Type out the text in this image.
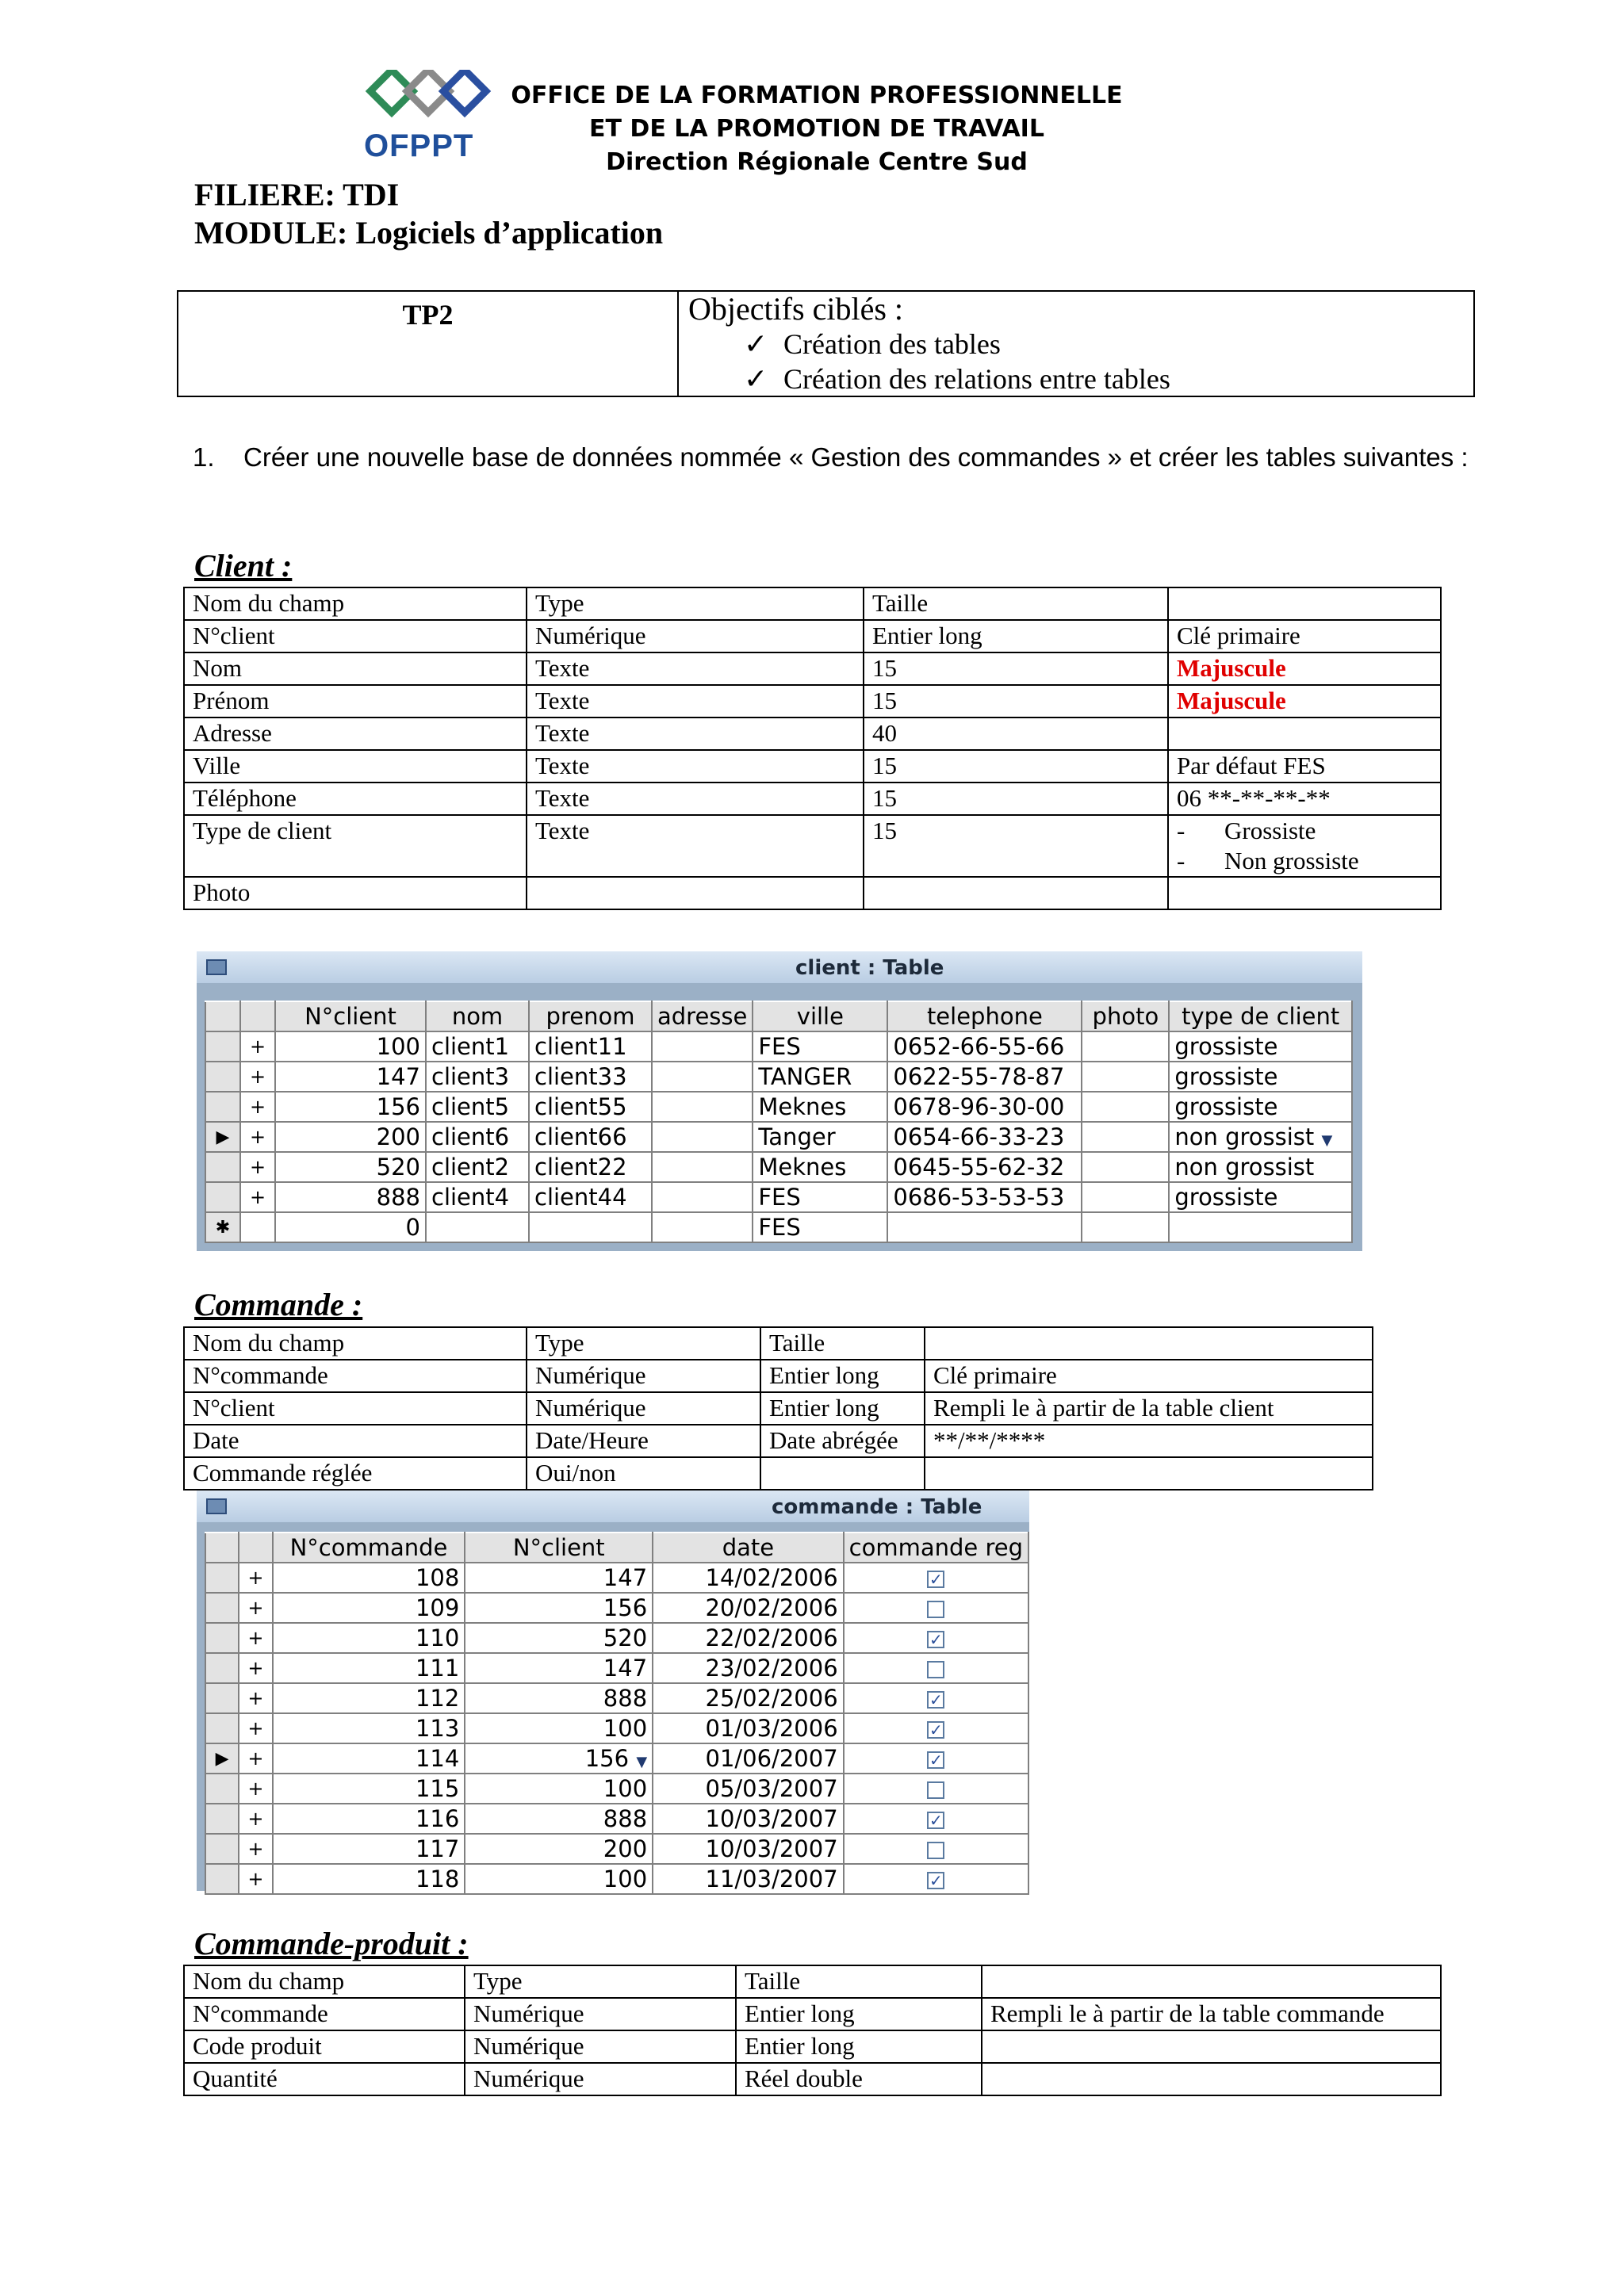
OFPPT
OFFICE DE LA FORMATION PROFESSIONNELLE
ET DE LA PROMOTION DE TRAVAIL
Direction Régionale Centre Sud
FILIERE: TDI
MODULE: Logiciels d’application
TP2	Objectifs ciblés :
✓ Création des tables
✓ Création des relations entre tables
1.	Créer une nouvelle base de données nommée « Gestion des commandes » et créer les tables suivantes :
Client :
Nom du champ	Type	Taille	
N°client	Numérique	Entier long	Clé primaire
Nom	Texte	15	Majuscule
Prénom	Texte	15	Majuscule
Adresse	Texte	40	
Ville	Texte	15	Par défaut FES
Téléphone	Texte	15	06 **-**-**-**
Type de client	Texte	15	- Grossiste
- Non grossiste

Photo			
client : Table
		N°client	nom	prenom	adresse	ville	telephone	photo	type de client
	+	100	client1	client11		FES	0652-66-55-66		grossiste
	+	147	client3	client33		TANGER	0622-55-78-87		grossiste
	+	156	client5	client55		Meknes	0678-96-30-00		grossiste
▶	+	200	client6	client66		Tanger	0654-66-33-23		non grossist ▼
	+	520	client2	client22		Meknes	0645-55-62-32		non grossist
	+	888	client4	client44		FES	0686-53-53-53		grossiste
✱		0				FES			
Commande :
Nom du champ	Type	Taille	
N°commande	Numérique	Entier long	Clé primaire
N°client	Numérique	Entier long	Rempli le à partir de la table client
Date	Date/Heure	Date abrégée	**/**/****
Commande réglée	Oui/non		
commande : Table
		N°commande	N°client	date	commande reg
	+	108	147	14/02/2006	✓
	+	109	156	20/02/2006	
	+	110	520	22/02/2006	✓
	+	111	147	23/02/2006	
	+	112	888	25/02/2006	✓
	+	113	100	01/03/2006	✓
▶	+	114	156 ▼	01/06/2007	✓
	+	115	100	05/03/2007	
	+	116	888	10/03/2007	✓
	+	117	200	10/03/2007	
	+	118	100	11/03/2007	✓
Commande-produit :
Nom du champ	Type	Taille	
N°commande	Numérique	Entier long	Rempli le à partir de la table commande
Code produit	Numérique	Entier long	
Quantité	Numérique	Réel double	
